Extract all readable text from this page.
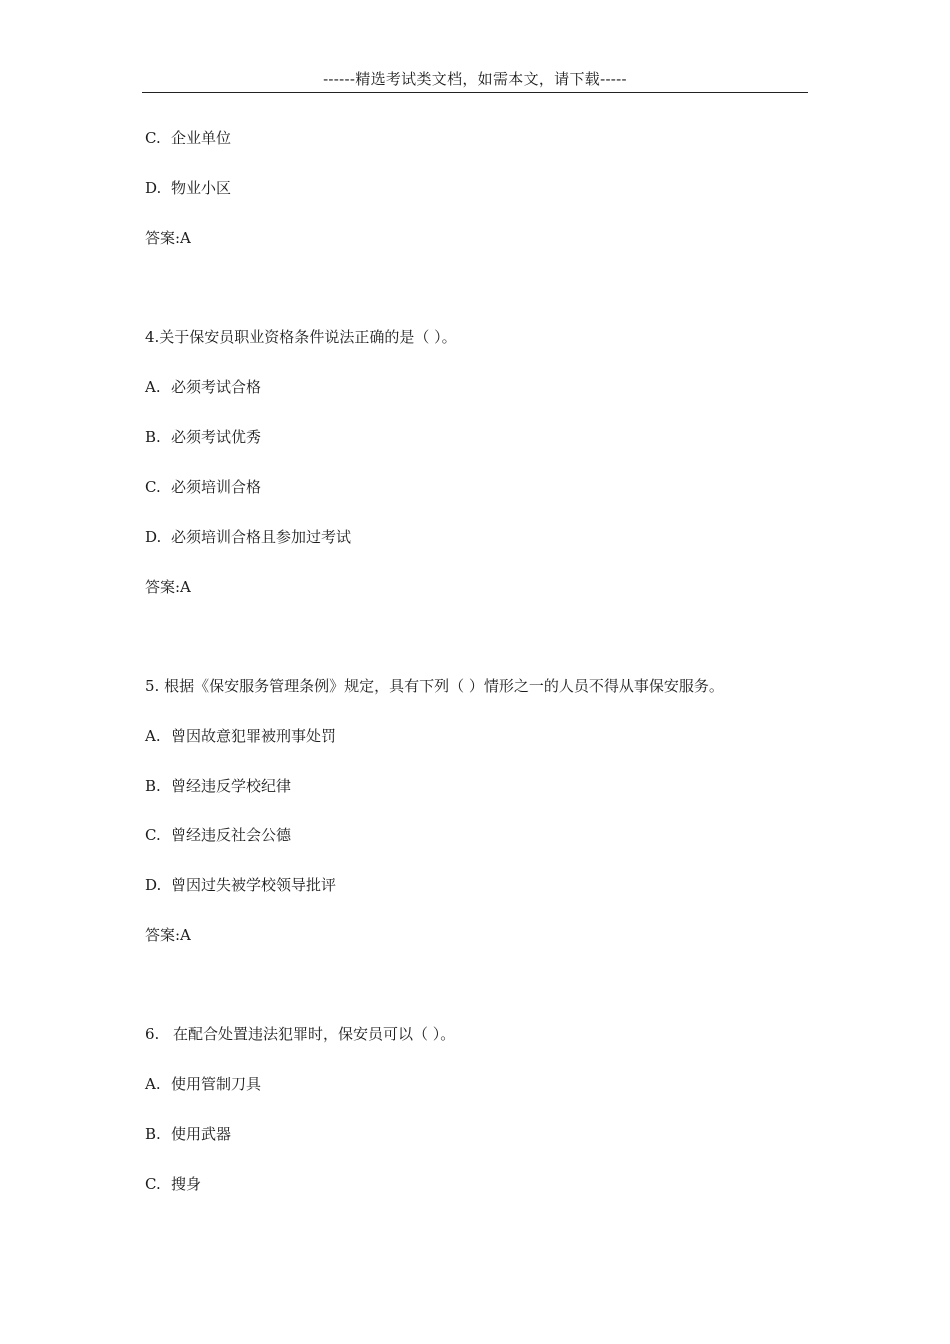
------精选考试类文档，如需本文，请下载-----
C. 企业单位
D. 物业小区
答案:A
4.关于保安员职业资格条件说法正确的是（ ）。
A. 必须考试合格
B. 必须考试优秀
C. 必须培训合格
D. 必须培训合格且参加过考试
答案:A
5. 根据《保安服务管理条例》规定，具有下列（ ）情形之一的人员不得从事保安服务。
A. 曾因故意犯罪被刑事处罚
B. 曾经违反学校纪律
C. 曾经违反社会公德
D. 曾因过失被学校领导批评
答案:A
6. 在配合处置违法犯罪时，保安员可以（ ）。
A. 使用管制刀具
B. 使用武器
C. 搜身
